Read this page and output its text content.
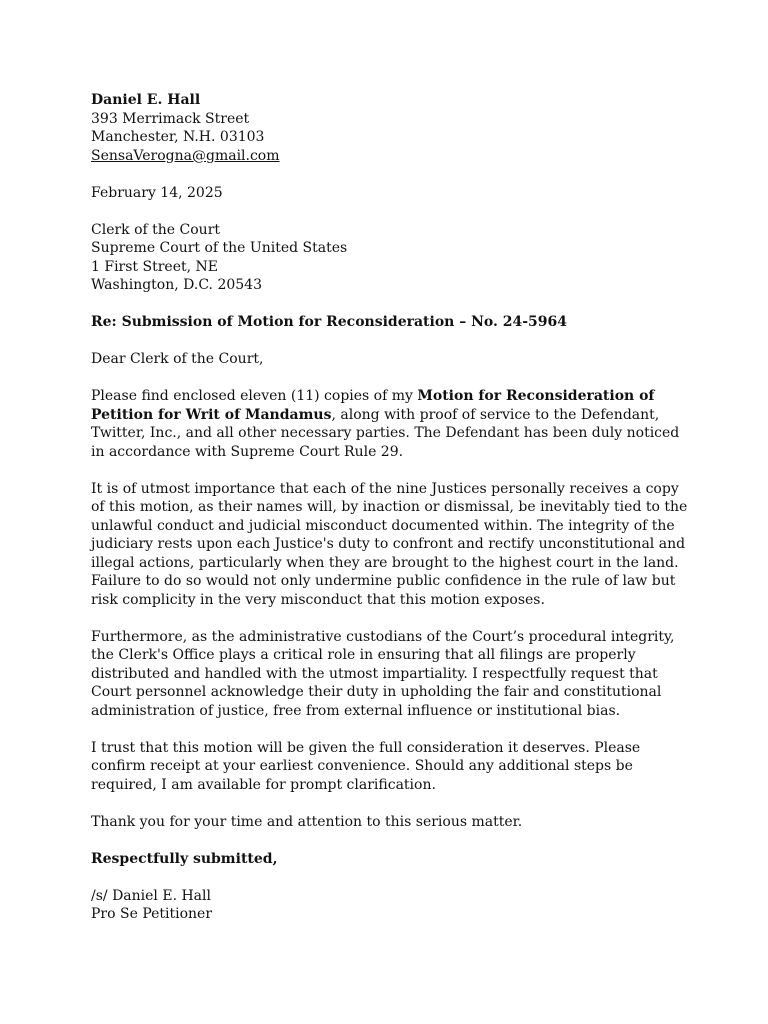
Daniel E. Hall
393 Merrimack Street
Manchester, N.H. 03103
SensaVerogna@gmail.com
February 14, 2025
Clerk of the Court
Supreme Court of the United States
1 First Street, NE
Washington, D.C. 20543
Re: Submission of Motion for Reconsideration – No. 24-5964
Dear Clerk of the Court,
Please find enclosed eleven (11) copies of my Motion for Reconsideration of
Petition for Writ of Mandamus, along with proof of service to the Defendant,
Twitter, Inc., and all other necessary parties. The Defendant has been duly noticed
in accordance with Supreme Court Rule 29.
It is of utmost importance that each of the nine Justices personally receives a copy
of this motion, as their names will, by inaction or dismissal, be inevitably tied to the
unlawful conduct and judicial misconduct documented within. The integrity of the
judiciary rests upon each Justice's duty to confront and rectify unconstitutional and
illegal actions, particularly when they are brought to the highest court in the land.
Failure to do so would not only undermine public confidence in the rule of law but
risk complicity in the very misconduct that this motion exposes.
Furthermore, as the administrative custodians of the Court’s procedural integrity,
the Clerk's Office plays a critical role in ensuring that all filings are properly
distributed and handled with the utmost impartiality. I respectfully request that
Court personnel acknowledge their duty in upholding the fair and constitutional
administration of justice, free from external influence or institutional bias.
I trust that this motion will be given the full consideration it deserves. Please
confirm receipt at your earliest convenience. Should any additional steps be
required, I am available for prompt clarification.
Thank you for your time and attention to this serious matter.
Respectfully submitted,
/s/ Daniel E. Hall
Pro Se Petitioner
